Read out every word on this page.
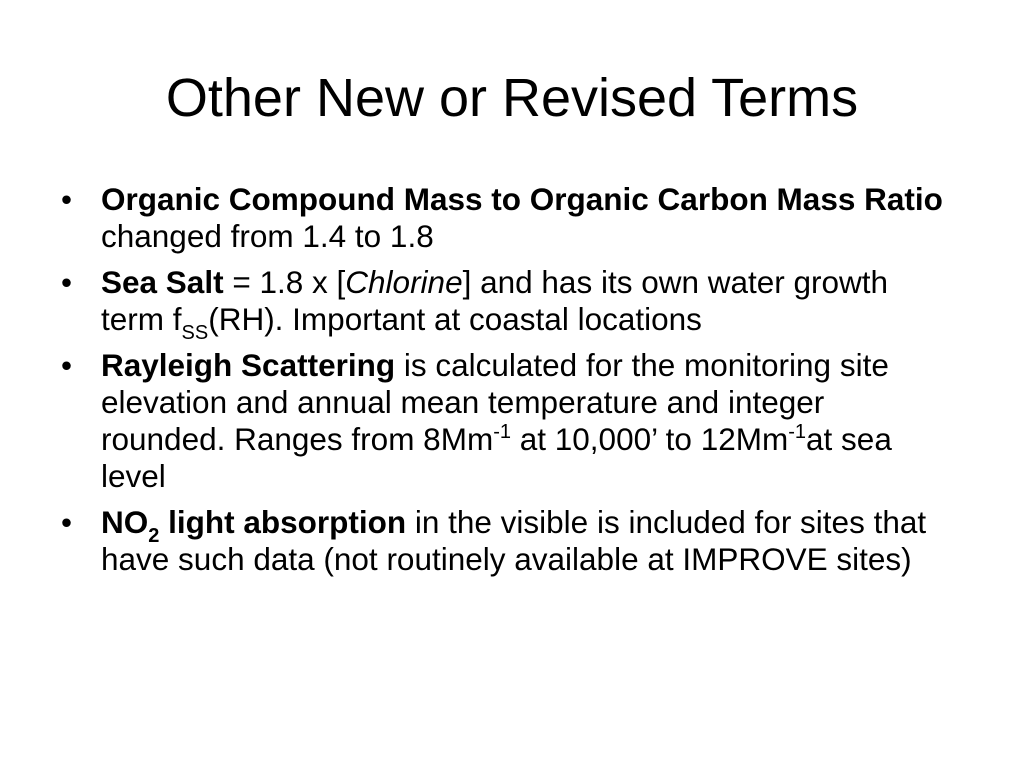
Other New or Revised Terms
• Organic Compound Mass to Organic Carbon Mass Ratio changed from 1.4 to 1.8
• Sea Salt = 1.8 x [Chlorine] and has its own water growth term $f_{SS}(RH)$. Important at coastal locations
• Rayleigh Scattering is calculated for the monitoring site elevation and annual mean temperature and integer rounded. Ranges from $8Mm^{-1}$ at 10,000’ to $12Mm^{-1}at$ sea level
• $NO_2$ light absorption in the visible is included for sites that have such data (not routinely available at IMPROVE sites)
